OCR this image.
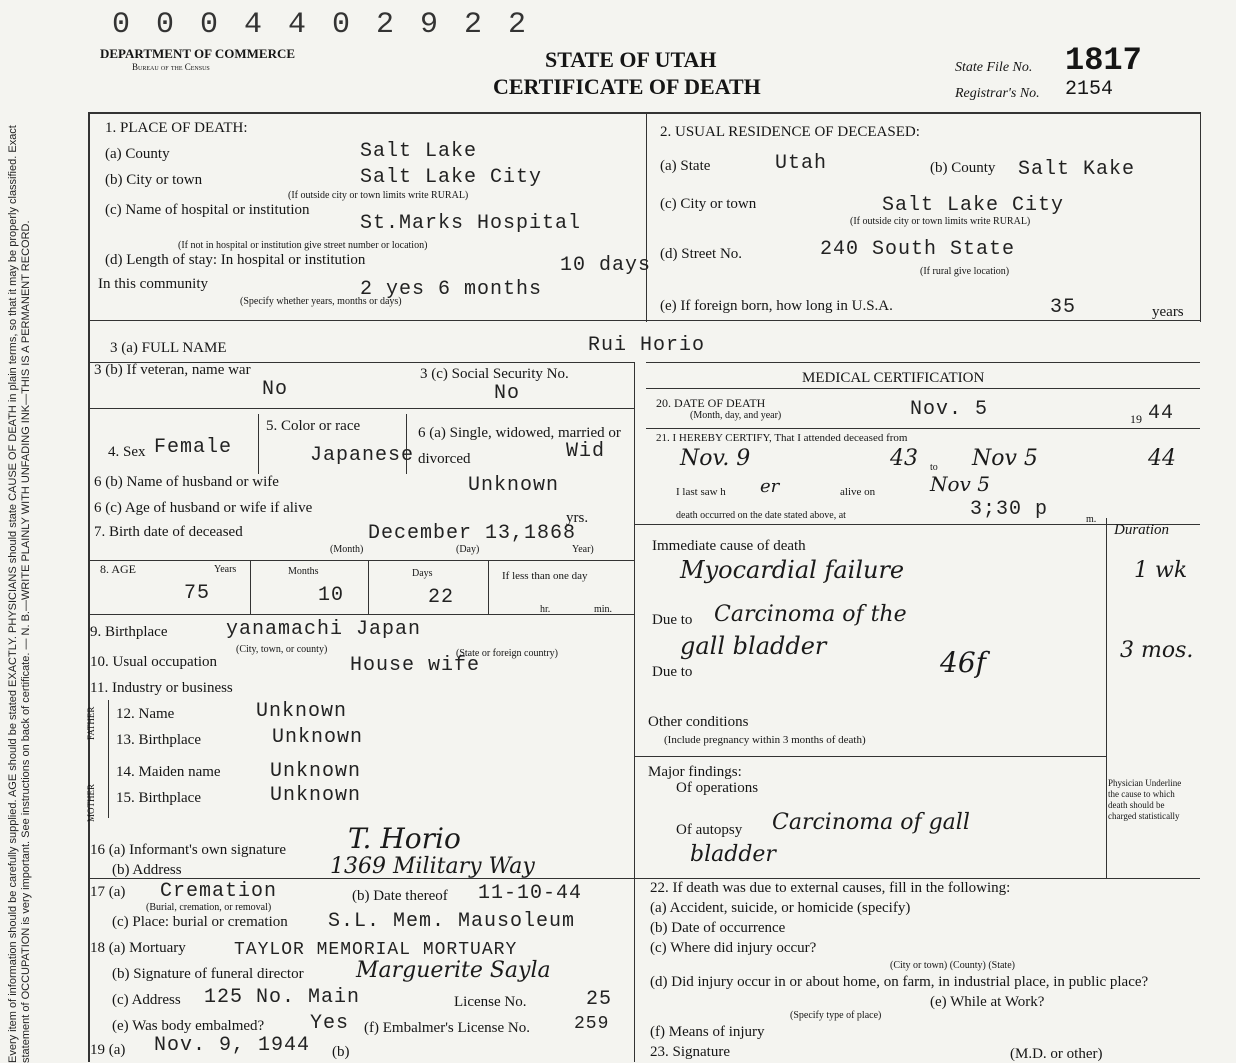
Every item of information should be carefully supplied. AGE should be stated EXACTLY. PHYSICIANS should state CAUSE OF DEATH in plain terms, so that it may be properly classified. Exact statement of OCCUPATION is very important. See instructions on back of certificate. — N. B.—WRITE PLAINLY WITH UNFADING INK—THIS IS A PERMANENT RECORD.
0 0 0 4 4 0 2 9 2 2
DEPARTMENT OF COMMERCE
Bureau of the Census	STATE OF UTAH
CERTIFICATE OF DEATH
State File No. 1817
Registrar's No. 2154
1. PLACE OF DEATH:
(a) County	Salt Lake
(b) City or town	Salt Lake City
(If outside city or town limits write RURAL)
(c) Name of hospital or institution
St.Marks Hospital
(If not in hospital or institution give street number or location)
(d) Length of stay: In hospital or institution	10 days
In this community	2 yes 6 months
(Specify whether years, months or days)
2. USUAL RESIDENCE OF DECEASED:
(a) State	Utah	(b) County Salt Kake
(c) City or town	Salt Lake City
(If outside city or town limits write RURAL)
(d) Street No.	240 South State
(If rural give location)
(e) If foreign born, how long in U.S.A.	35	years
3 (a) FULL NAME	Rui Horio
3 (b) If veteran, name war
No
3 (c) Social Security No.
No
4. Sex Female
5. Color or race
Japanese
6 (a) Single, widowed, married or divorced	Wid
6 (b) Name of husband or wife	Unknown
6 (c) Age of husband or wife if alive
yrs.
7. Birth date of deceased	December 13,1868
(Month)	(Day)	Year)
8. AGE	Years	Months	Days	If less than one day
75	10	22
hr.	min.
9. Birthplace	yanamachi Japan
(City, town, or county)	(State or foreign country)
10. Usual occupation	House wife
11. Industry or business
FATHER
MOTHER
12. Name	Unknown
13. Birthplace	Unknown
14. Maiden name Unknown
15. Birthplace	Unknown
16 (a) Informant's own signature T. Horio
(b) Address	1369 Military Way
17 (a) Cremation
(Burial, cremation, or removal)
(b) Date thereof 11-10-44
(c) Place: burial or cremation S.L. Mem. Mausoleum
18 (a) Mortuary	TAYLOR MEMORIAL MORTUARY
(b) Signature of funeral director Marguerite Sayla
(c) Address 125 No. Main	License No.	25
(e) Was body embalmed? Yes (f) Embalmer's License No. 259
19 (a) Nov. 9, 1944 (b)
MEDICAL CERTIFICATION
20. DATE OF DEATH
(Month, day, and year)	Nov. 5	19 44
21. I HEREBY CERTIFY, That I attended deceased from
Nov. 9	43 to Nov 5	44
I last saw h er	alive on	Nov 5
death occurred on the date stated above, at	3;30 p	m.
Duration
Immediate cause of death
Myocardial failure	1 wk
Due to Carcinoma of the
gall bladder	3 mos.
Due to	46f
Other conditions
(Include pregnancy within 3 months of death)
Major findings:
Of operations
Of autopsy Carcinoma of gall
bladder
Physician Underline the cause to which death should be charged statistically
22. If death was due to external causes, fill in the following:
(a) Accident, suicide, or homicide (specify)
(b) Date of occurrence
(c) Where did injury occur?
(City or town) (County) (State)
(d) Did injury occur in or about home, on farm, in industrial place, in public place?
(e) While at Work?
(Specify type of place)
(f) Means of injury
23. Signature	(M.D. or other)
